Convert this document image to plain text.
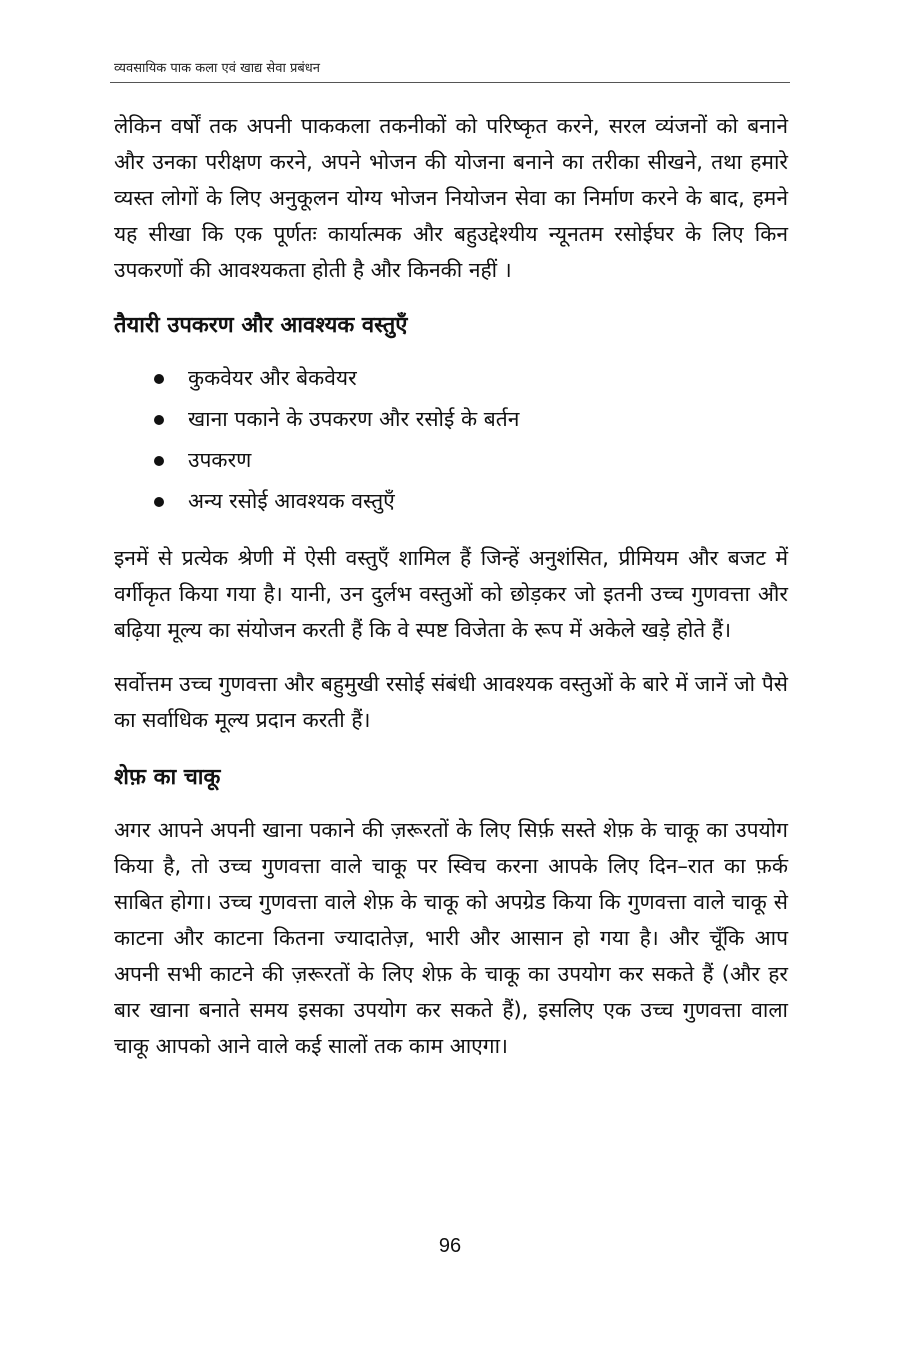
व्यवसायिक पाक कला एवं खाद्य सेवा प्रबंधन

लेकिन वर्षों तक अपनी पाककला तकनीकों को परिष्कृत करने, सरल व्यंजनों को बनाने और उनका परीक्षण करने, अपने भोजन की योजना बनाने का तरीका सीखने, तथा हमारे व्यस्त लोगों के लिए अनुकूलन योग्य भोजन नियोजन सेवा का निर्माण करने के बाद, हमने यह सीखा कि एक पूर्णतः कार्यात्मक और बहुउद्देश्यीय न्यूनतम रसोईघर के लिए किन उपकरणों की आवश्यकता होती है और किनकी नहीं ।

तैयारी उपकरण और आवश्यक वस्तुएँ
कुकवेयर और बेकवेयर
खाना पकाने के उपकरण और रसोई के बर्तन
उपकरण
अन्य रसोई आवश्यक वस्तुएँ

इनमें से प्रत्येक श्रेणी में ऐसी वस्तुएँ शामिल हैं जिन्हें अनुशंसित, प्रीमियम और बजट में वर्गीकृत किया गया है। यानी, उन दुर्लभ वस्तुओं को छोड़कर जो इतनी उच्च गुणवत्ता और बढ़िया मूल्य का संयोजन करती हैं कि वे स्पष्ट विजेता के रूप में अकेले खड़े होते हैं।

सर्वोत्तम उच्च गुणवत्ता और बहुमुखी रसोई संबंधी आवश्यक वस्तुओं के बारे में जानें जो पैसे का सर्वाधिक मूल्य प्रदान करती हैं।

शेफ़ का चाकू

अगर आपने अपनी खाना पकाने की ज़रूरतों के लिए सिर्फ़ सस्ते शेफ़ के चाकू का उपयोग किया है, तो उच्च गुणवत्ता वाले चाकू पर स्विच करना आपके लिए दिन–रात का फ़र्क साबित होगा। उच्च गुणवत्ता वाले शेफ़ के चाकू को अपग्रेड किया कि गुणवत्ता वाले चाकू से काटना और काटना कितना ज्यादातेज़, भारी और आसान हो गया है। और चूँकि आप अपनी सभी काटने की ज़रूरतों के लिए शेफ़ के चाकू का उपयोग कर सकते हैं (और हर बार खाना बनाते समय इसका उपयोग कर सकते हैं), इसलिए एक उच्च गुणवत्ता वाला चाकू आपको आने वाले कई सालों तक काम आएगा।

96
